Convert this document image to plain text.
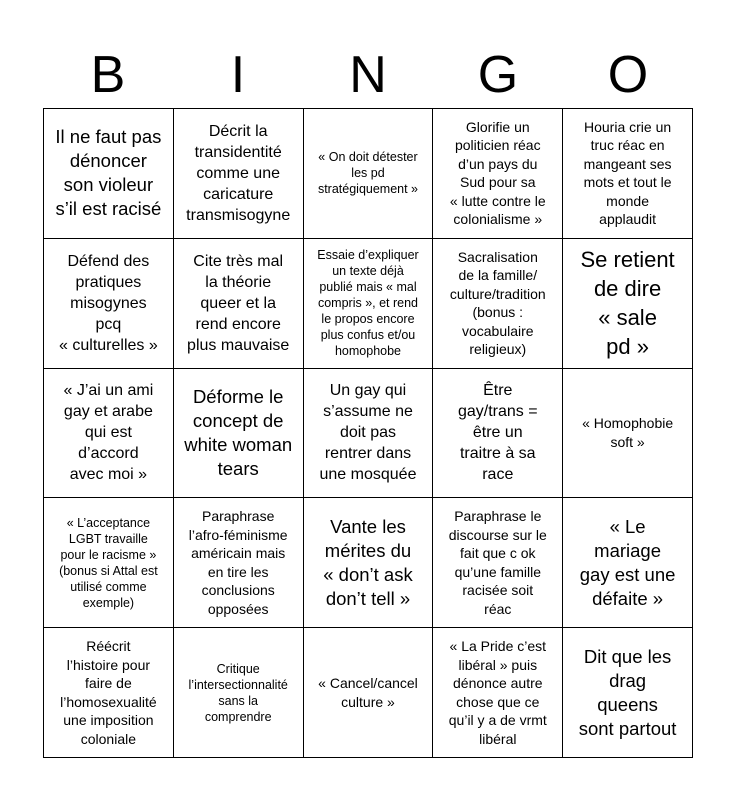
B	I	N	G	O
Il ne faut pas
dénoncer
son violeur
s’il est racisé
Décrit la
transidentité
comme une
caricature
transmisogyne
« On doit détester
les pd
stratégiquement »
Glorifie un
politicien réac
d’un pays du
Sud pour sa
« lutte contre le
colonialisme »
Houria crie un
truc réac en
mangeant ses
mots et tout le
monde
applaudit
Défend des
pratiques
misogynes
pcq
« culturelles »
Cite très mal
la théorie
queer et la
rend encore
plus mauvaise
Essaie d’expliquer
un texte déjà
publié mais « mal
compris », et rend
le propos encore
plus confus et/ou
homophobe
Sacralisation
de la famille/
culture/tradition
(bonus :
vocabulaire
religieux)
Se retient
de dire
« sale
pd »
« J’ai un ami
gay et arabe
qui est
d’accord
avec moi »
Déforme le
concept de
white woman
tears
Un gay qui
s’assume ne
doit pas
rentrer dans
une mosquée
Être
gay/trans =
être un
traitre à sa
race
« Homophobie
soft »
« L’acceptance
LGBT travaille
pour le racisme »
(bonus si Attal est
utilisé comme
exemple)
Paraphrase
l’afro-féminisme
américain mais
en tire les
conclusions
opposées
Vante les
mérites du
« don’t ask
don’t tell »
Paraphrase le
discourse sur le
fait que c ok
qu’une famille
racisée soit
réac
« Le
mariage
gay est une
défaite »
Réécrit
l’histoire pour
faire de
l’homosexualité
une imposition
coloniale
Critique
l’intersectionnalité
sans la
comprendre
« Cancel/cancel
culture »
« La Pride c’est
libéral » puis
dénonce autre
chose que ce
qu’il y a de vrmt
libéral
Dit que les
drag
queens
sont partout
